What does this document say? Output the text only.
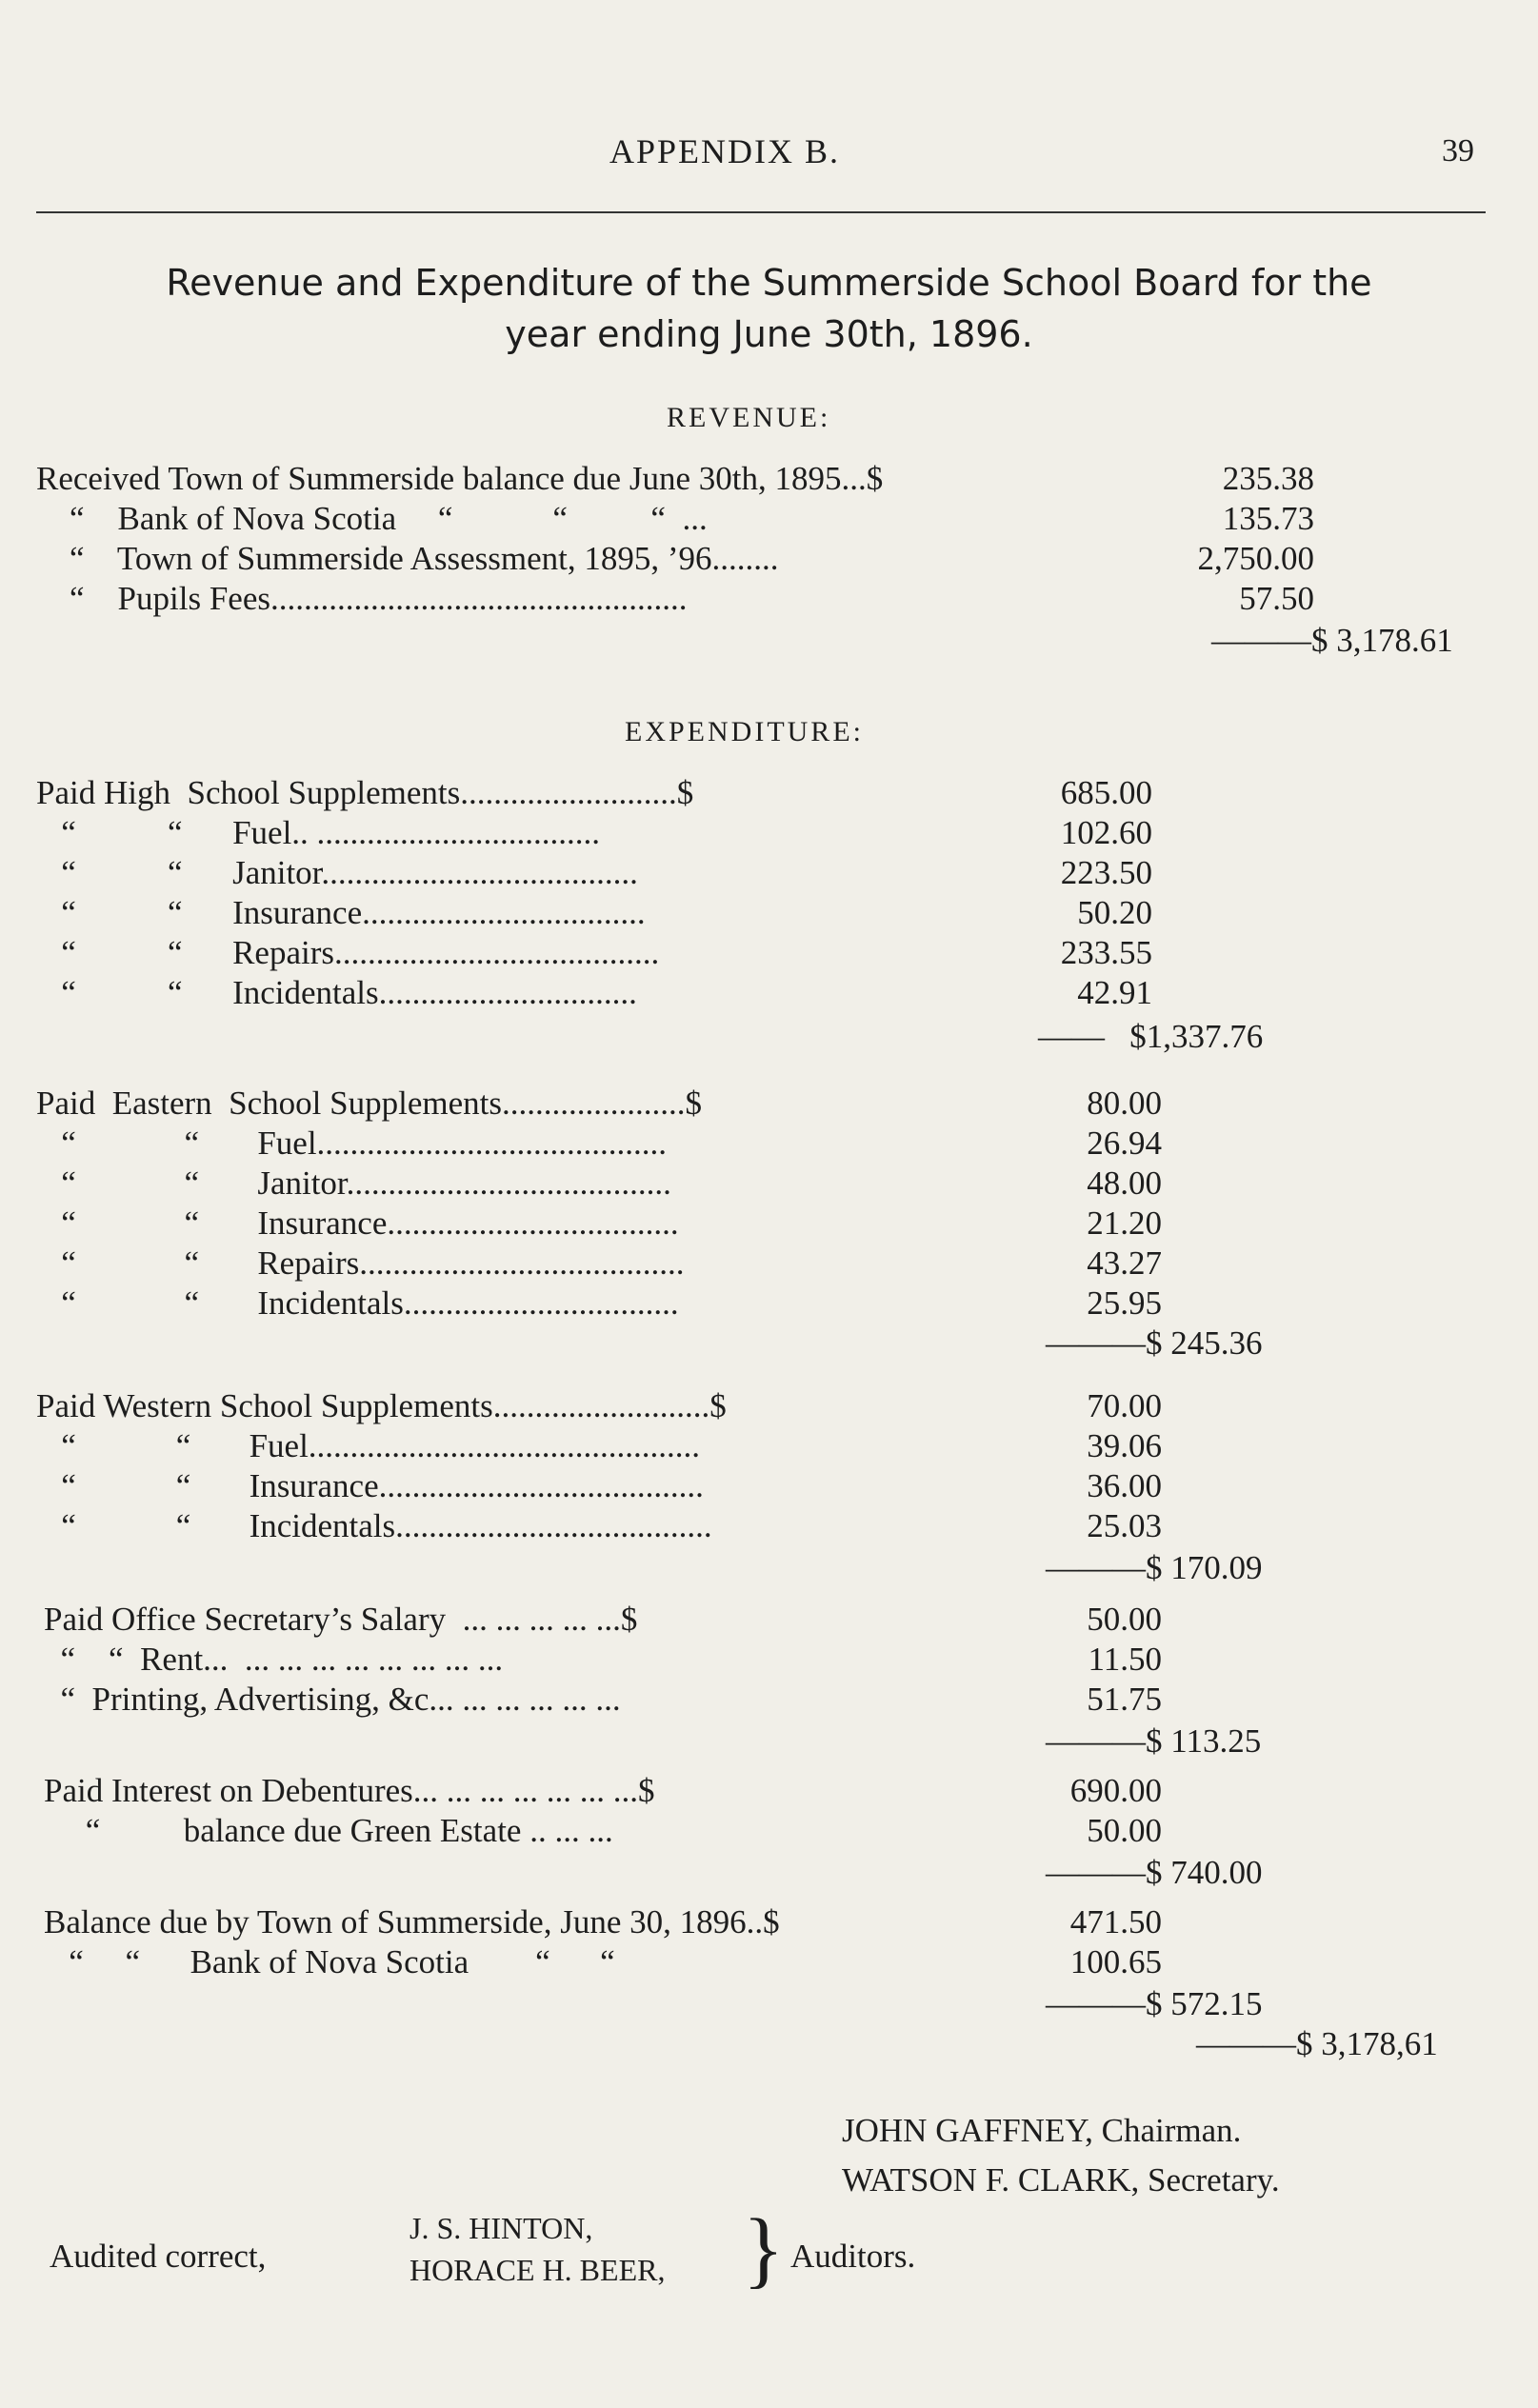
APPENDIX B.	39
Revenue and Expenditure of the Summerside School Board for the
year ending June 30th, 1896.
REVENUE:
Received Town of Summerside balance due June 30th, 1895...$	235.38
“    Bank of Nova Scotia     “            “          “  ...	135.73
“    Town of Summerside Assessment, 1895, ’96........	2,750.00
“    Pupils Fees..................................................	57.50
———$ 3,178.61
EXPENDITURE:
Paid High  School Supplements..........................$	685.00
“           “      Fuel.. ..................................	102.60
“           “      Janitor......................................	223.50
“           “      Insurance..................................	50.20
“           “      Repairs.......................................	233.55
“           “      Incidentals...............................	42.91
——   $1,337.76
Paid  Eastern  School Supplements......................$	80.00
“             “       Fuel..........................................	26.94
“             “       Janitor.......................................	48.00
“             “       Insurance...................................	21.20
“             “       Repairs.......................................	43.27
“             “       Incidentals.................................	25.95
———$ 245.36
Paid Western School Supplements..........................$	70.00
“            “       Fuel...............................................	39.06
“            “       Insurance.......................................	36.00
“            “       Incidentals......................................	25.03
———$ 170.09
Paid Office Secretary’s Salary  ... ... ... ... ...$	50.00
“    “  Rent...  ... ... ... ... ... ... ... ...	11.50
“  Printing, Advertising, &c... ... ... ... ... ...	51.75
———$ 113.25
Paid Interest on Debentures... ... ... ... ... ... ...$	690.00
“          balance due Green Estate .. ... ...	50.00
———$ 740.00
Balance due by Town of Summerside, June 30, 1896..$	471.50
“     “      Bank of Nova Scotia        “      “	100.65
———$ 572.15
———$ 3,178,61
JOHN GAFFNEY, Chairman.
WATSON F. CLARK, Secretary.
Audited correct,
J. S. HINTON,
HORACE H. BEER, } Auditors.
